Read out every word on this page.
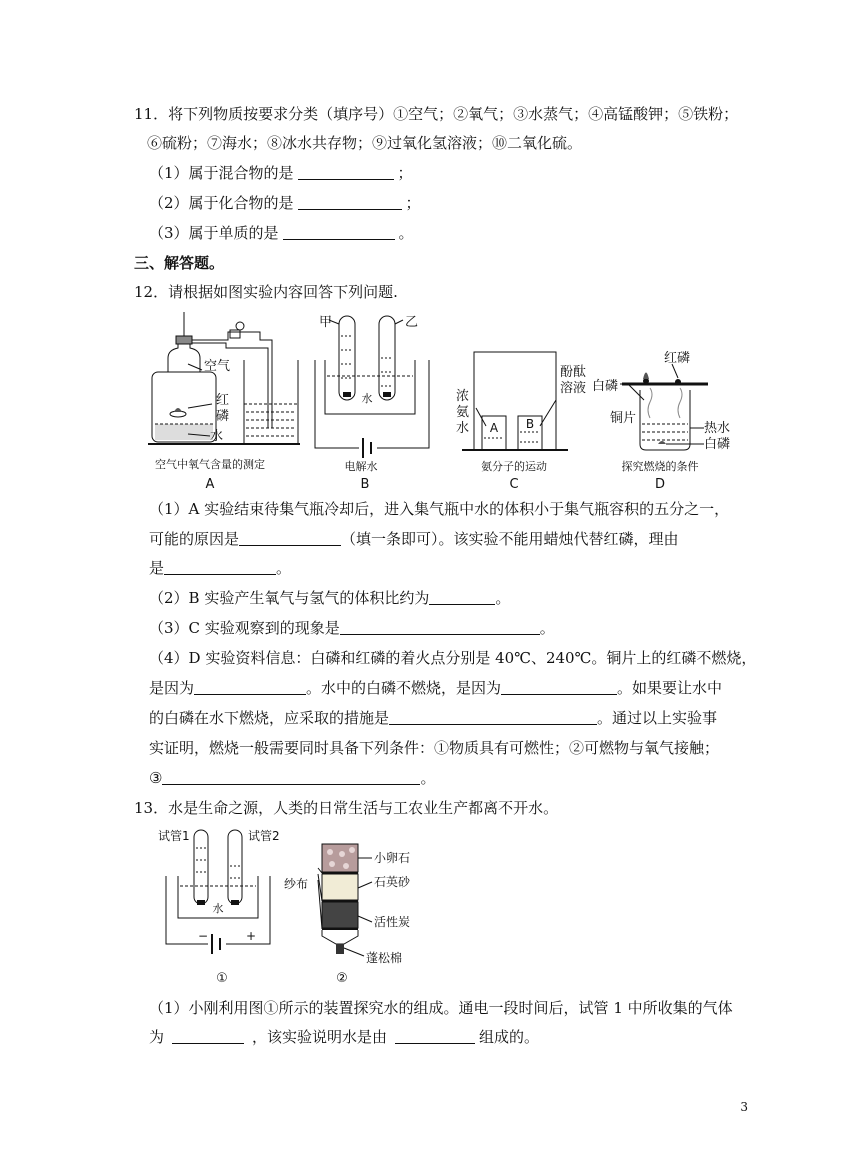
11．将下列物质按要求分类（填序号）①空气；②氧气；③水蒸气；④高锰酸钾；⑤铁粉；
⑥硫粉；⑦海水；⑧冰水共存物；⑨过氧化氢溶液；⑩二氧化硫。
（1）属于混合物的是	；
（2）属于化合物的是	；
（3）属于单质的是	。
三、解答题。
12．请根据如图实验内容回答下列问题.
空气
红
磷
水
空气中氧气含量的测定
A
水
甲	乙
电解水
B
A B
浓
氨
水
酚酞
溶液
氨分子的运动
C
红磷
白磷
铜片
热水
白磷
探究燃烧的条件
D
（1）A 实验结束待集气瓶冷却后，进入集气瓶中水的体积小于集气瓶容积的五分之一，
可能的原因是	（填一条即可）。该实验不能用蜡烛代替红磷，理由
是	。
（2）B 实验产生氧气与氢气的体积比约为	。
（3）C 实验观察到的现象是	。
（4）D 实验资料信息：白磷和红磷的着火点分别是 40℃、240℃。铜片上的红磷不燃烧，
是因为	。水中的白磷不燃烧，是因为	。如果要让水中
的白磷在水下燃烧，应采取的措施是	。通过以上实验事
实证明，燃烧一般需要同时具备下列条件：①物质具有可燃性；②可燃物与氧气接触；
③	。
13．水是生命之源，人类的日常生活与工农业生产都离不开水。
水
试管1	试管2
−	+
①
纱布
小卵石
石英砂
活性炭
蓬松棉
②
（1）小刚利用图①所示的装置探究水的组成。通电一段时间后，试管 1 中所收集的气体
为	，该实验说明水是由	组成的。
3
